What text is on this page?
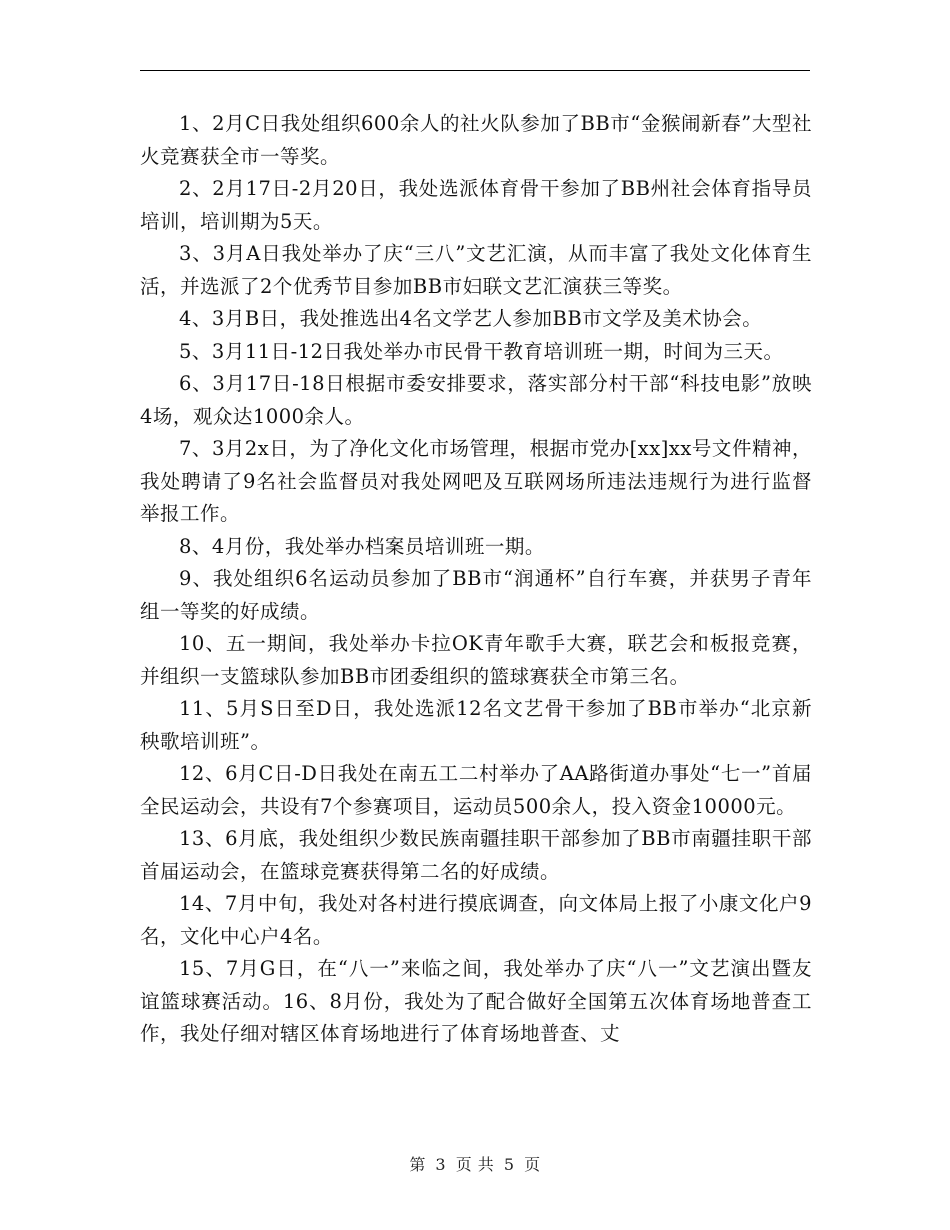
1、2月C日我处组织600余人的社火队参加了BB市“金猴闹新春”大型社火竞赛获全市一等奖。

2、2月17日-2月20日，我处选派体育骨干参加了BB州社会体育指导员培训，培训期为5天。

3、3月A日我处举办了庆“三八”文艺汇演，从而丰富了我处文化体育生活，并选派了2个优秀节目参加BB市妇联文艺汇演获三等奖。

4、3月B日，我处推选出4名文学艺人参加BB市文学及美术协会。

5、3月11日-12日我处举办市民骨干教育培训班一期，时间为三天。

6、3月17日-18日根据市委安排要求，落实部分村干部“科技电影”放映4场，观众达1000余人。

7、3月2x日，为了净化文化市场管理，根据市党办[xx]xx号文件精神，我处聘请了9名社会监督员对我处网吧及互联网场所违法违规行为进行监督举报工作。

8、4月份，我处举办档案员培训班一期。

9、我处组织6名运动员参加了BB市“润通杯”自行车赛，并获男子青年组一等奖的好成绩。

10、五一期间，我处举办卡拉OK青年歌手大赛，联艺会和板报竞赛，并组织一支篮球队参加BB市团委组织的篮球赛获全市第三名。

11、5月S日至D日，我处选派12名文艺骨干参加了BB市举办“北京新秧歌培训班”。

12、6月C日-D日我处在南五工二村举办了AA路街道办事处“七一”首届全民运动会，共设有7个参赛项目，运动员500余人，投入资金10000元。

13、6月底，我处组织少数民族南疆挂职干部参加了BB市南疆挂职干部首届运动会，在篮球竞赛获得第二名的好成绩。

14、7月中旬，我处对各村进行摸底调查，向文体局上报了小康文化户9名，文化中心户4名。

15、7月G日，在“八一”来临之间，我处举办了庆“八一”文艺演出暨友谊篮球赛活动。16、8月份，我处为了配合做好全国第五次体育场地普查工作，我处仔细对辖区体育场地进行了体育场地普查、丈

第 3 页 共 5 页
